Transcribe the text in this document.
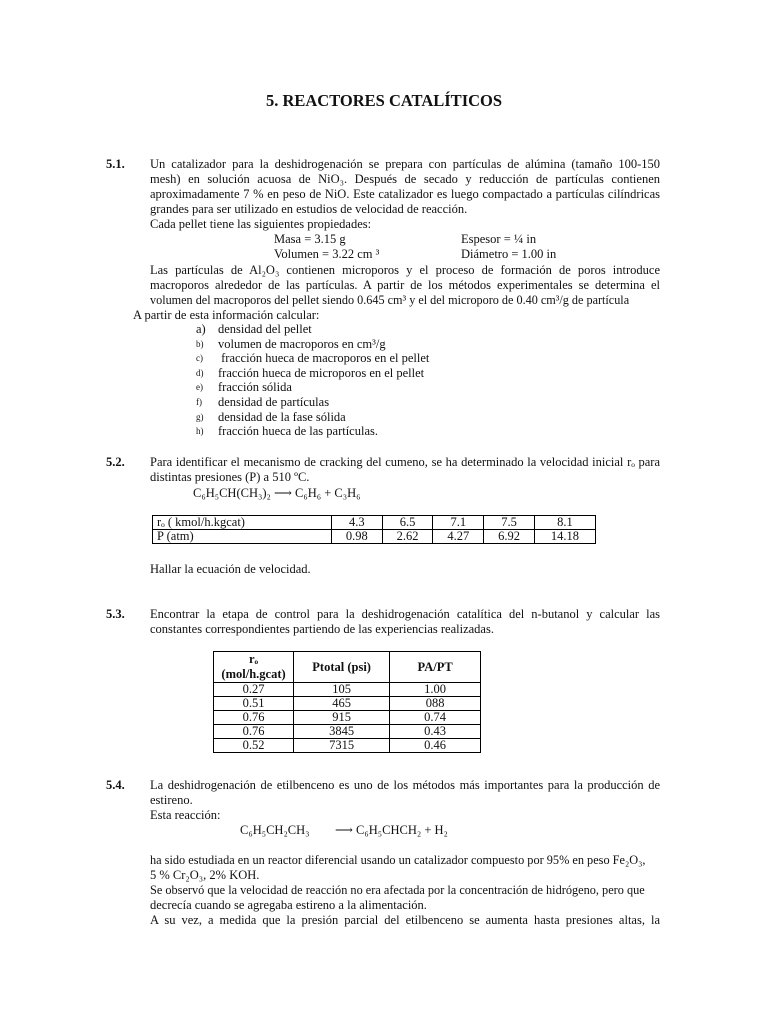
5. REACTORES CATALÍTICOS
5.1. Un catalizador para la deshidrogenación se prepara con partículas de alúmina (tamaño 100-150
mesh) en solución acuosa de NiO₃. Después de secado y reducción de partículas contienen
aproximadamente 7 % en peso de NiO. Este catalizador es luego compactado a partículas cilíndricas
grandes para ser utilizado en estudios de velocidad de reacción.
Cada pellet tiene las siguientes propiedades:
Masa = 3.15 g	Espesor = ¼ in
Volumen = 3.22 cm ³	Diámetro = 1.00 in
Las partículas de Al₂O₃ contienen microporos y el proceso de formación de poros introduce
macroporos alrededor de las partículas. A partir de los métodos experimentales se determina el
volumen del macroporos del pellet siendo 0.645 cm³ y el del microporo de 0.40 cm³/g de partícula
A partir de esta información calcular:
a) densidad del pellet
b) volumen de macroporos en cm³/g
c) fracción hueca de macroporos en el pellet
d) fracción hueca de microporos en el pellet
e) fracción sólida
f) densidad de partículas
g) densidad de la fase sólida
h) fracción hueca de las partículas.
5.2. Para identificar el mecanismo de cracking del cumeno, se ha determinado la velocidad inicial rₒ para
distintas presiones (P) a 510 ºC.
C₆H₅CH(CH₃)₂ ⟶ C₆H₆ + C₃H₆
rₒ ( kmol/h.kgcat)	4.3	6.5	7.1	7.5	8.1
P (atm)	0.98	2.62	4.27	6.92	14.18
Hallar la ecuación de velocidad.
5.3. Encontrar la etapa de control para la deshidrogenación catalítica del n-butanol y calcular las
constantes correspondientes partiendo de las experiencias realizadas.
rₒ (mol/h.gcat)	Ptotal (psi)	PA/PT
0.27	105	1.00
0.51	465	088
0.76	915	0.74
0.76	3845	0.43
0.52	7315	0.46
5.4. La deshidrogenación de etilbenceno es uno de los métodos más importantes para la producción de
estireno.
Esta reacción:
C₆H₅CH₂CH₃ ⟶ C₆H₅CHCH₂ + H₂
ha sido estudiada en un reactor diferencial usando un catalizador compuesto por 95% en peso Fe₂O₃,
5 % Cr₂O₃, 2% KOH.
Se observó que la velocidad de reacción no era afectada por la concentración de hidrógeno, pero que
decrecía cuando se agregaba estireno a la alimentación.
A su vez, a medida que la presión parcial del etilbenceno se aumenta hasta presiones altas, la
